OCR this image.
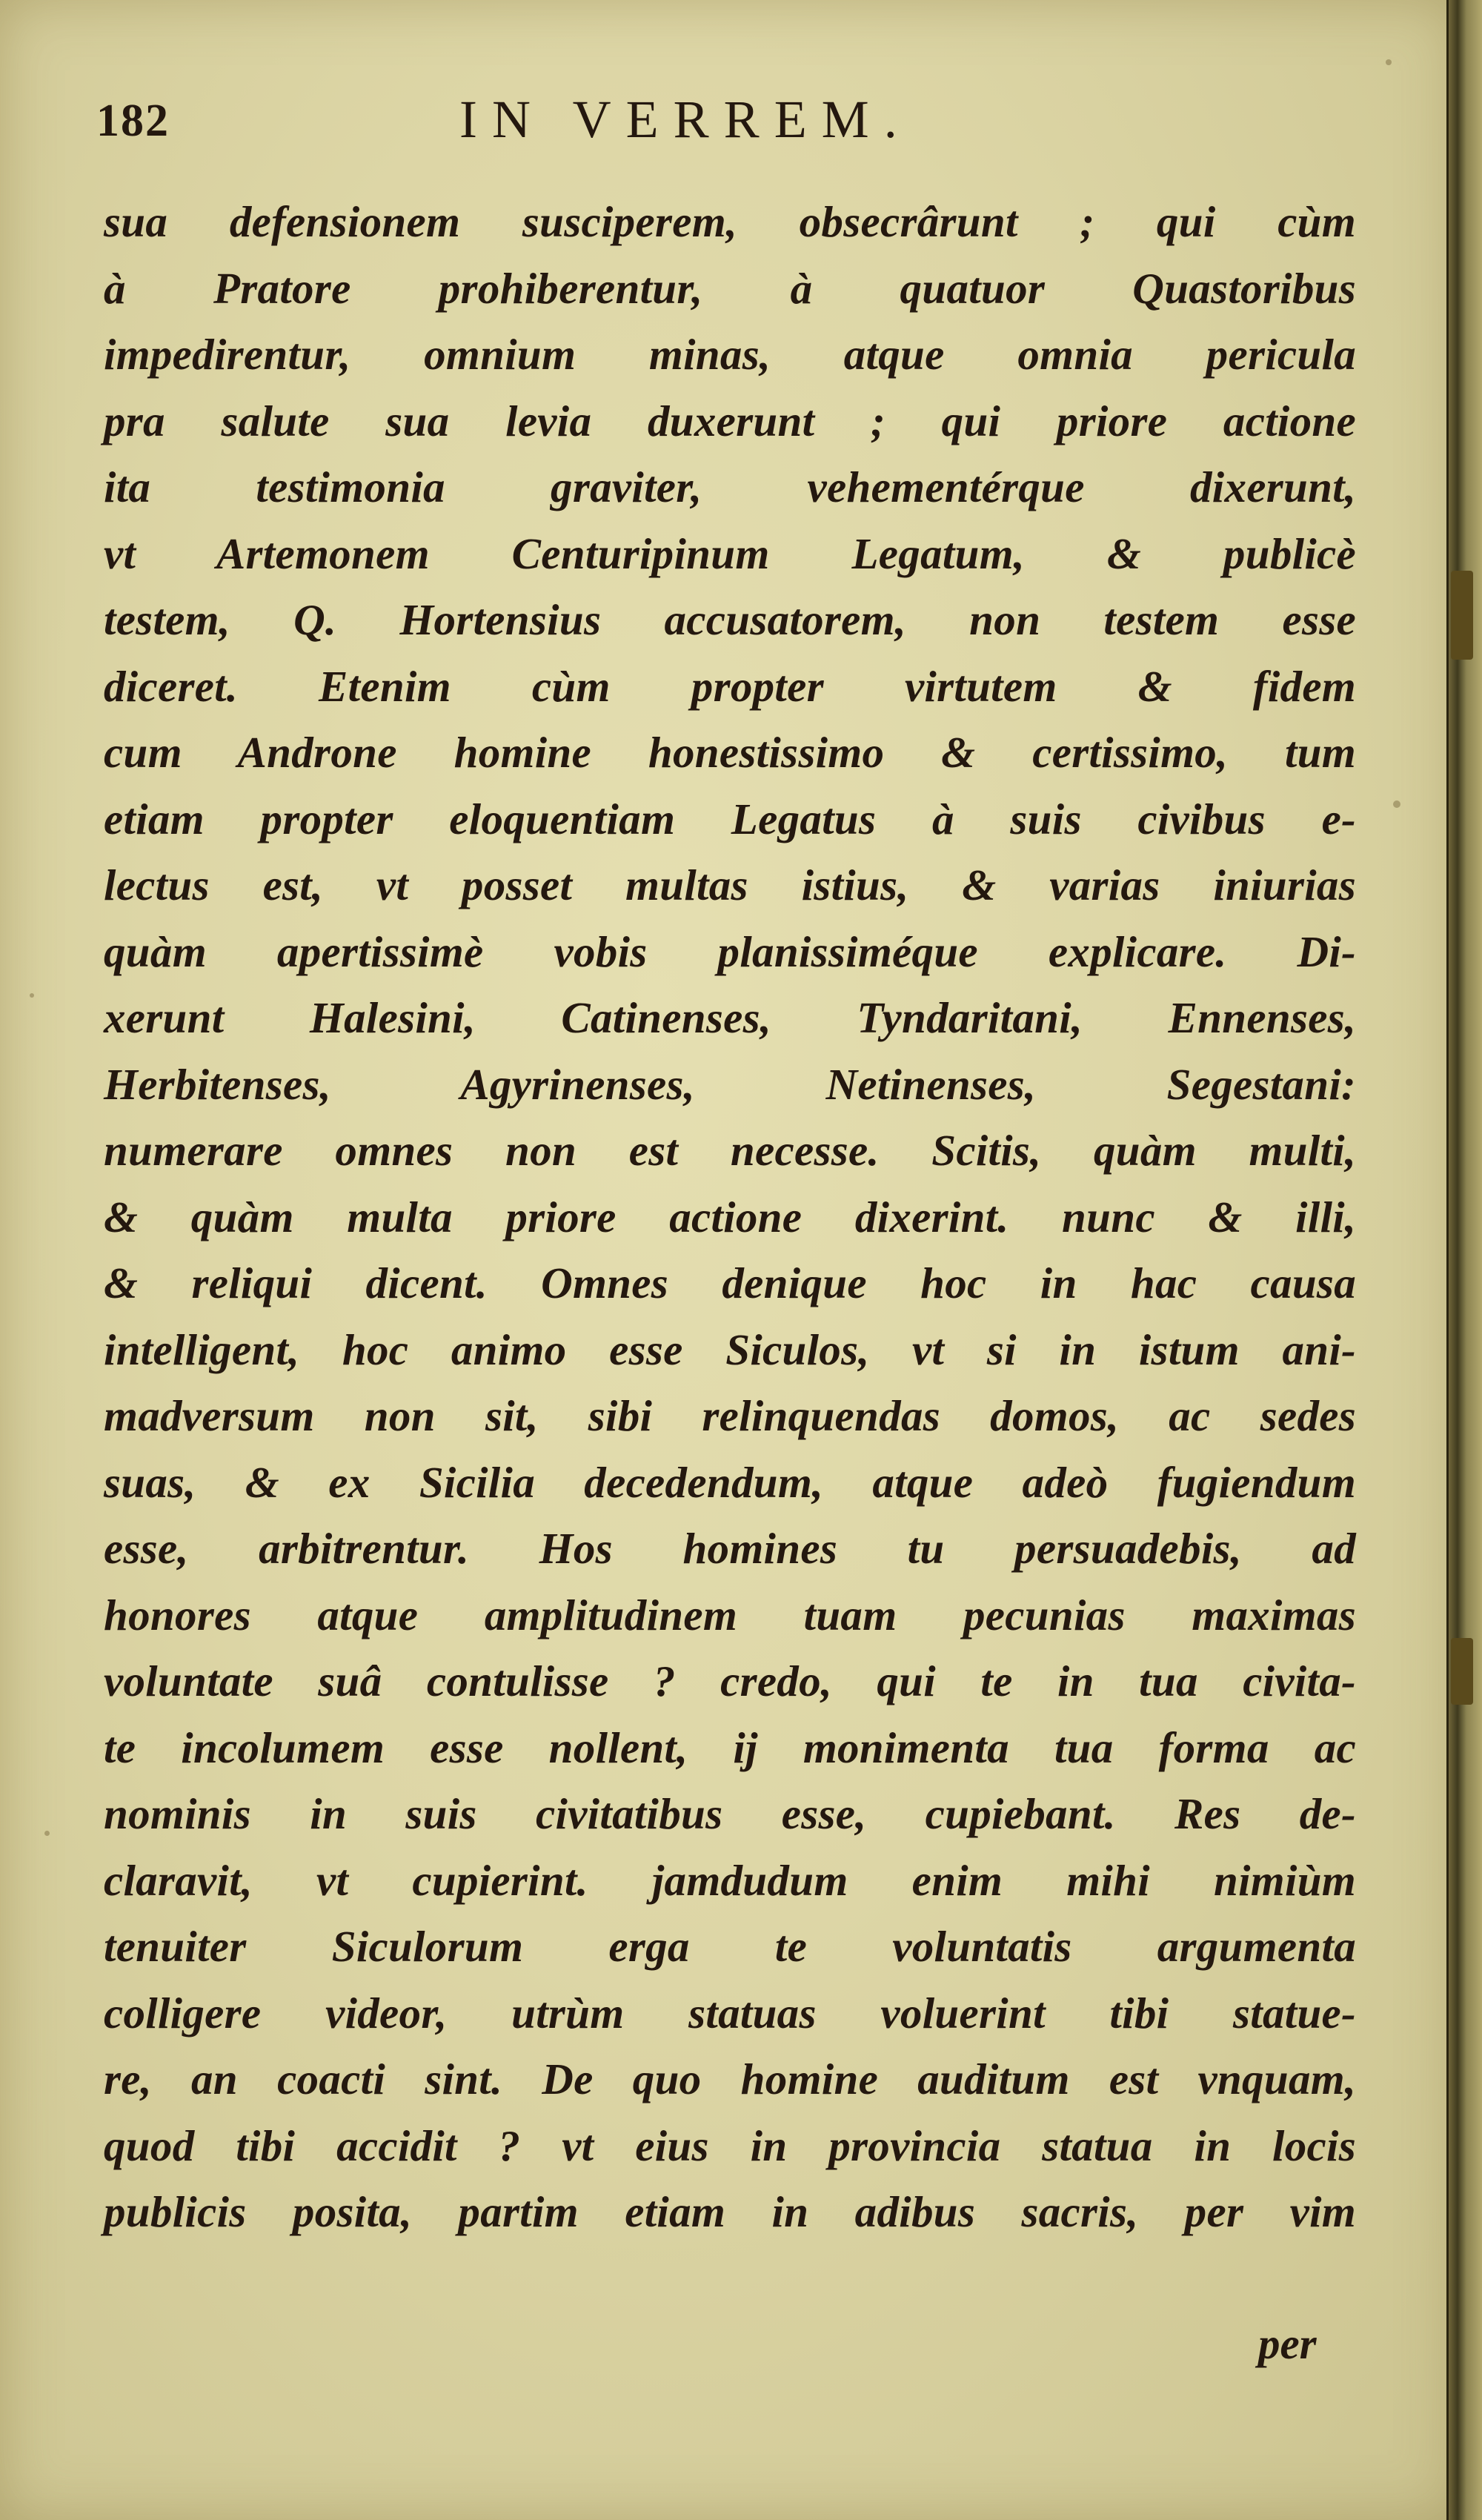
182	IN VERREM.
sua defensionem susciperem, obsecrârunt ; qui cùm
à Pratore prohiberentur, à quatuor Quastoribus
impedirentur, omnium minas, atque omnia pericula
pra salute sua levia duxerunt ; qui priore actione
ita testimonia graviter, vehementérque dixerunt,
vt Artemonem Centuripinum Legatum, & publicè
testem, Q. Hortensius accusatorem, non testem esse
diceret. Etenim cùm propter virtutem & fidem
cum Androne homine honestissimo & certissimo, tum
etiam propter eloquentiam Legatus à suis civibus e-
lectus est, vt posset multas istius, & varias iniurias
quàm apertissimè vobis planissiméque explicare. Di-
xerunt Halesini, Catinenses, Tyndaritani, Ennenses,
Herbitenses, Agyrinenses, Netinenses, Segestani:
numerare omnes non est necesse. Scitis, quàm multi,
& quàm multa priore actione dixerint. nunc & illi,
& reliqui dicent. Omnes denique hoc in hac causa
intelligent, hoc animo esse Siculos, vt si in istum ani-
madversum non sit, sibi relinquendas domos, ac sedes
suas, & ex Sicilia decedendum, atque adeò fugiendum
esse, arbitrentur. Hos homines tu persuadebis, ad
honores atque amplitudinem tuam pecunias maximas
voluntate suâ contulisse ? credo, qui te in tua civita-
te incolumem esse nollent, ij monimenta tua forma ac
nominis in suis civitatibus esse, cupiebant. Res de-
claravit, vt cupierint. jamdudum enim mihi nimiùm
tenuiter Siculorum erga te voluntatis argumenta
colligere videor, utrùm statuas voluerint tibi statue-
re, an coacti sint. De quo homine auditum est vnquam,
quod tibi accidit ? vt eius in provincia statua in locis
publicis posita, partim etiam in adibus sacris, per vim
per
